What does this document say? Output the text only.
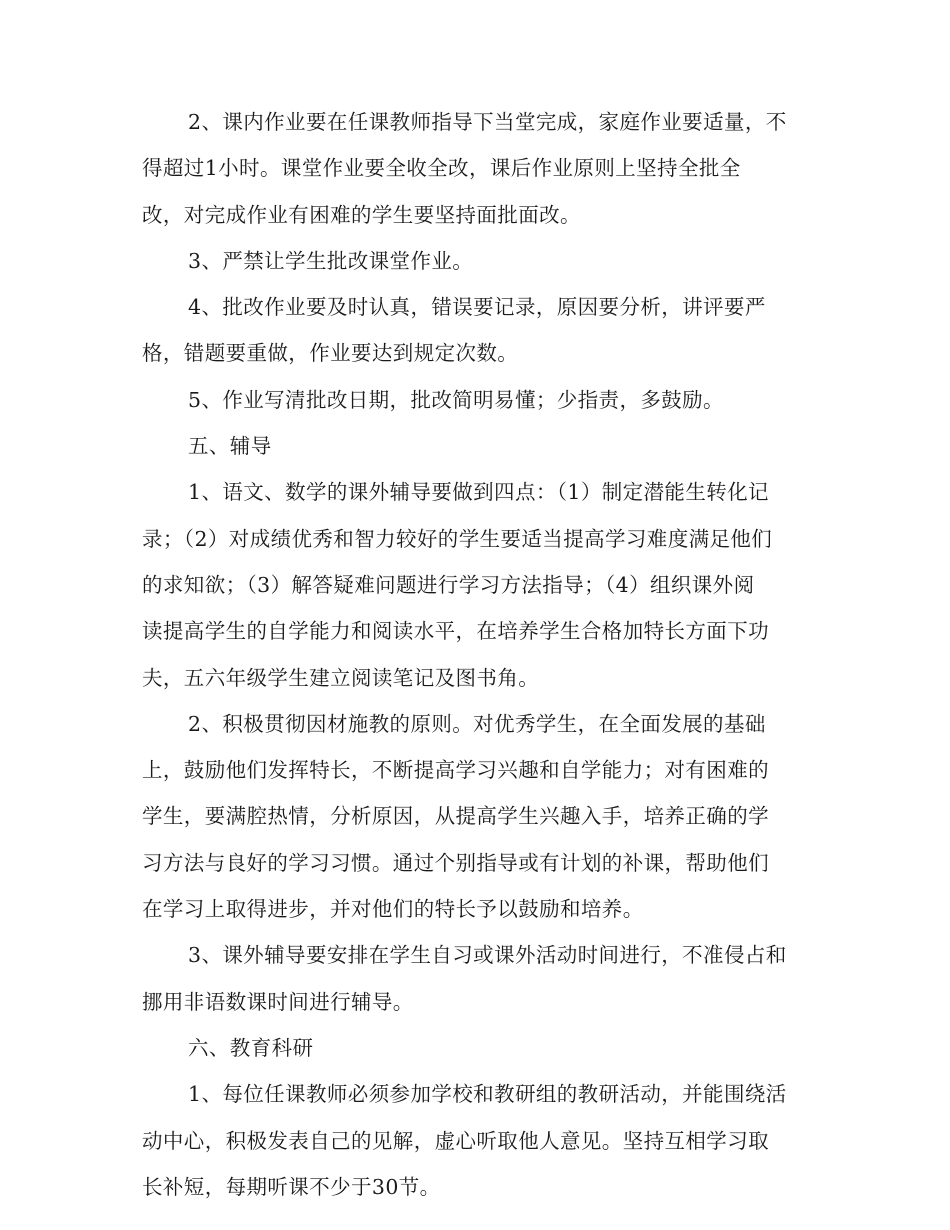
2、课内作业要在任课教师指导下当堂完成，家庭作业要适量，不
得超过1小时。课堂作业要全收全改，课后作业原则上坚持全批全
改，对完成作业有困难的学生要坚持面批面改。
3、严禁让学生批改课堂作业。
4、批改作业要及时认真，错误要记录，原因要分析，讲评要严
格，错题要重做，作业要达到规定次数。
5、作业写清批改日期，批改简明易懂；少指责，多鼓励。
五、辅导
1、语文、数学的课外辅导要做到四点：（1）制定潜能生转化记
录；（2）对成绩优秀和智力较好的学生要适当提高学习难度满足他们
的求知欲；（3）解答疑难问题进行学习方法指导；（4）组织课外阅
读提高学生的自学能力和阅读水平，在培养学生合格加特长方面下功
夫，五六年级学生建立阅读笔记及图书角。
2、积极贯彻因材施教的原则。对优秀学生，在全面发展的基础
上，鼓励他们发挥特长，不断提高学习兴趣和自学能力；对有困难的
学生，要满腔热情，分析原因，从提高学生兴趣入手，培养正确的学
习方法与良好的学习习惯。通过个别指导或有计划的补课，帮助他们
在学习上取得进步，并对他们的特长予以鼓励和培养。
3、课外辅导要安排在学生自习或课外活动时间进行，不准侵占和
挪用非语数课时间进行辅导。
六、教育科研
1、每位任课教师必须参加学校和教研组的教研活动，并能围绕活
动中心，积极发表自己的见解，虚心听取他人意见。坚持互相学习取
长补短，每期听课不少于30节。
